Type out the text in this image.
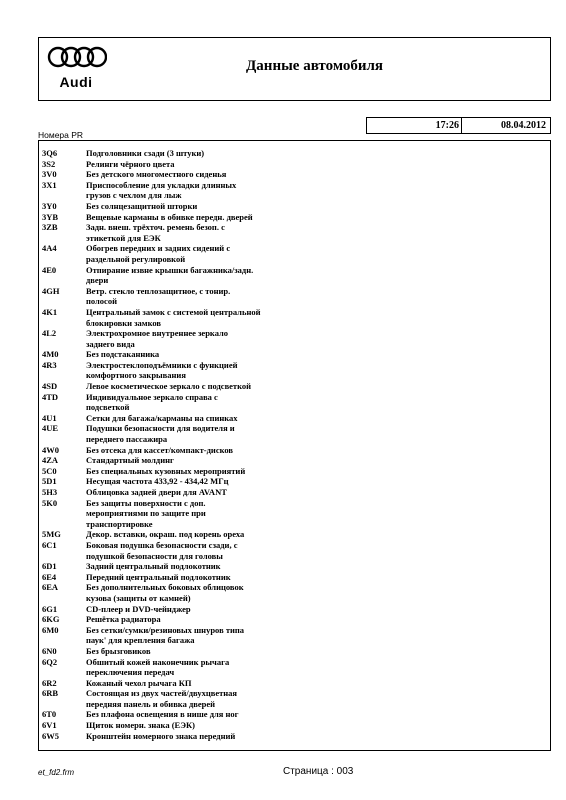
Audi
Данные автомобиля
17:26	08.04.2012
Номера PR
3Q6	Подголовники сзади (3 штуки)
3S2	Релинги чёрного цвета
3V0	Без детского многоместного сиденья
3X1	Приспособление для укладки длинных
грузов с чехлом для лыж
3Y0	Без солнцезащитной шторки
3YB	Вещевые карманы в обивке передн. дверей
3ZB	Задн. внеш. трёхточ. ремень безоп. с
этикеткой для ЕЭК
4A4	Обогрев передних и задних сидений с
раздельной регулировкой
4E0	Отпирание извне крышки багажника/задн.
двери
4GH	Ветр. стекло теплозащитное, с тонир.
полосой
4K1	Центральный замок с системой центральной
блокировки замков
4L2	Электрохромное внутреннее зеркало
заднего вида
4M0	Без подстаканника
4R3	Электростеклоподъёмники с функцией
комфортного закрывания
4SD	Левое косметическое зеркало с подсветкой
4TD	Индивидуальное зеркало справа с
подсветкой
4U1	Сетки для багажа/карманы на спинках
4UE	Подушки безопасности для водителя и
переднего пассажира
4W0	Без отсека для кассет/компакт-дисков
4ZA	Стандартный молдинг
5C0	Без специальных кузовных мероприятий
5D1	Несущая частота 433,92 - 434,42 МГц
5H3	Облицовка задней двери для AVANT
5K0	Без защиты поверхности с доп.
мероприятиями по защите при
транспортировке
5MG	Декор. вставки, окраш. под корень ореха
6C1	Боковая подушка безопасности сзади, с
подушкой безопасности для головы
6D1	Задний центральный подлокотник
6E4	Передний центральный подлокотник
6EA	Без дополнительных боковых облицовок
кузова (защиты от камней)
6G1	CD-плеер и DVD-чейнджер
6KG	Решётка радиатора
6M0	Без сетки/сумки/резиновых шнуров типа
паук' для крепления багажа
6N0	Без брызговиков
6Q2	Обшитый кожей наконечник рычага
переключения передач
6R2	Кожаный чехол рычага КП
6RB	Состоящая из двух частей/двухцветная
передняя панель и обивка дверей
6T0	Без плафона освещения в нише для ног
6V1	Щиток номерн. знака (ЕЭК)
6W5	Кронштейн номерного знака передний
et_fd2.frm	Страница : 003
